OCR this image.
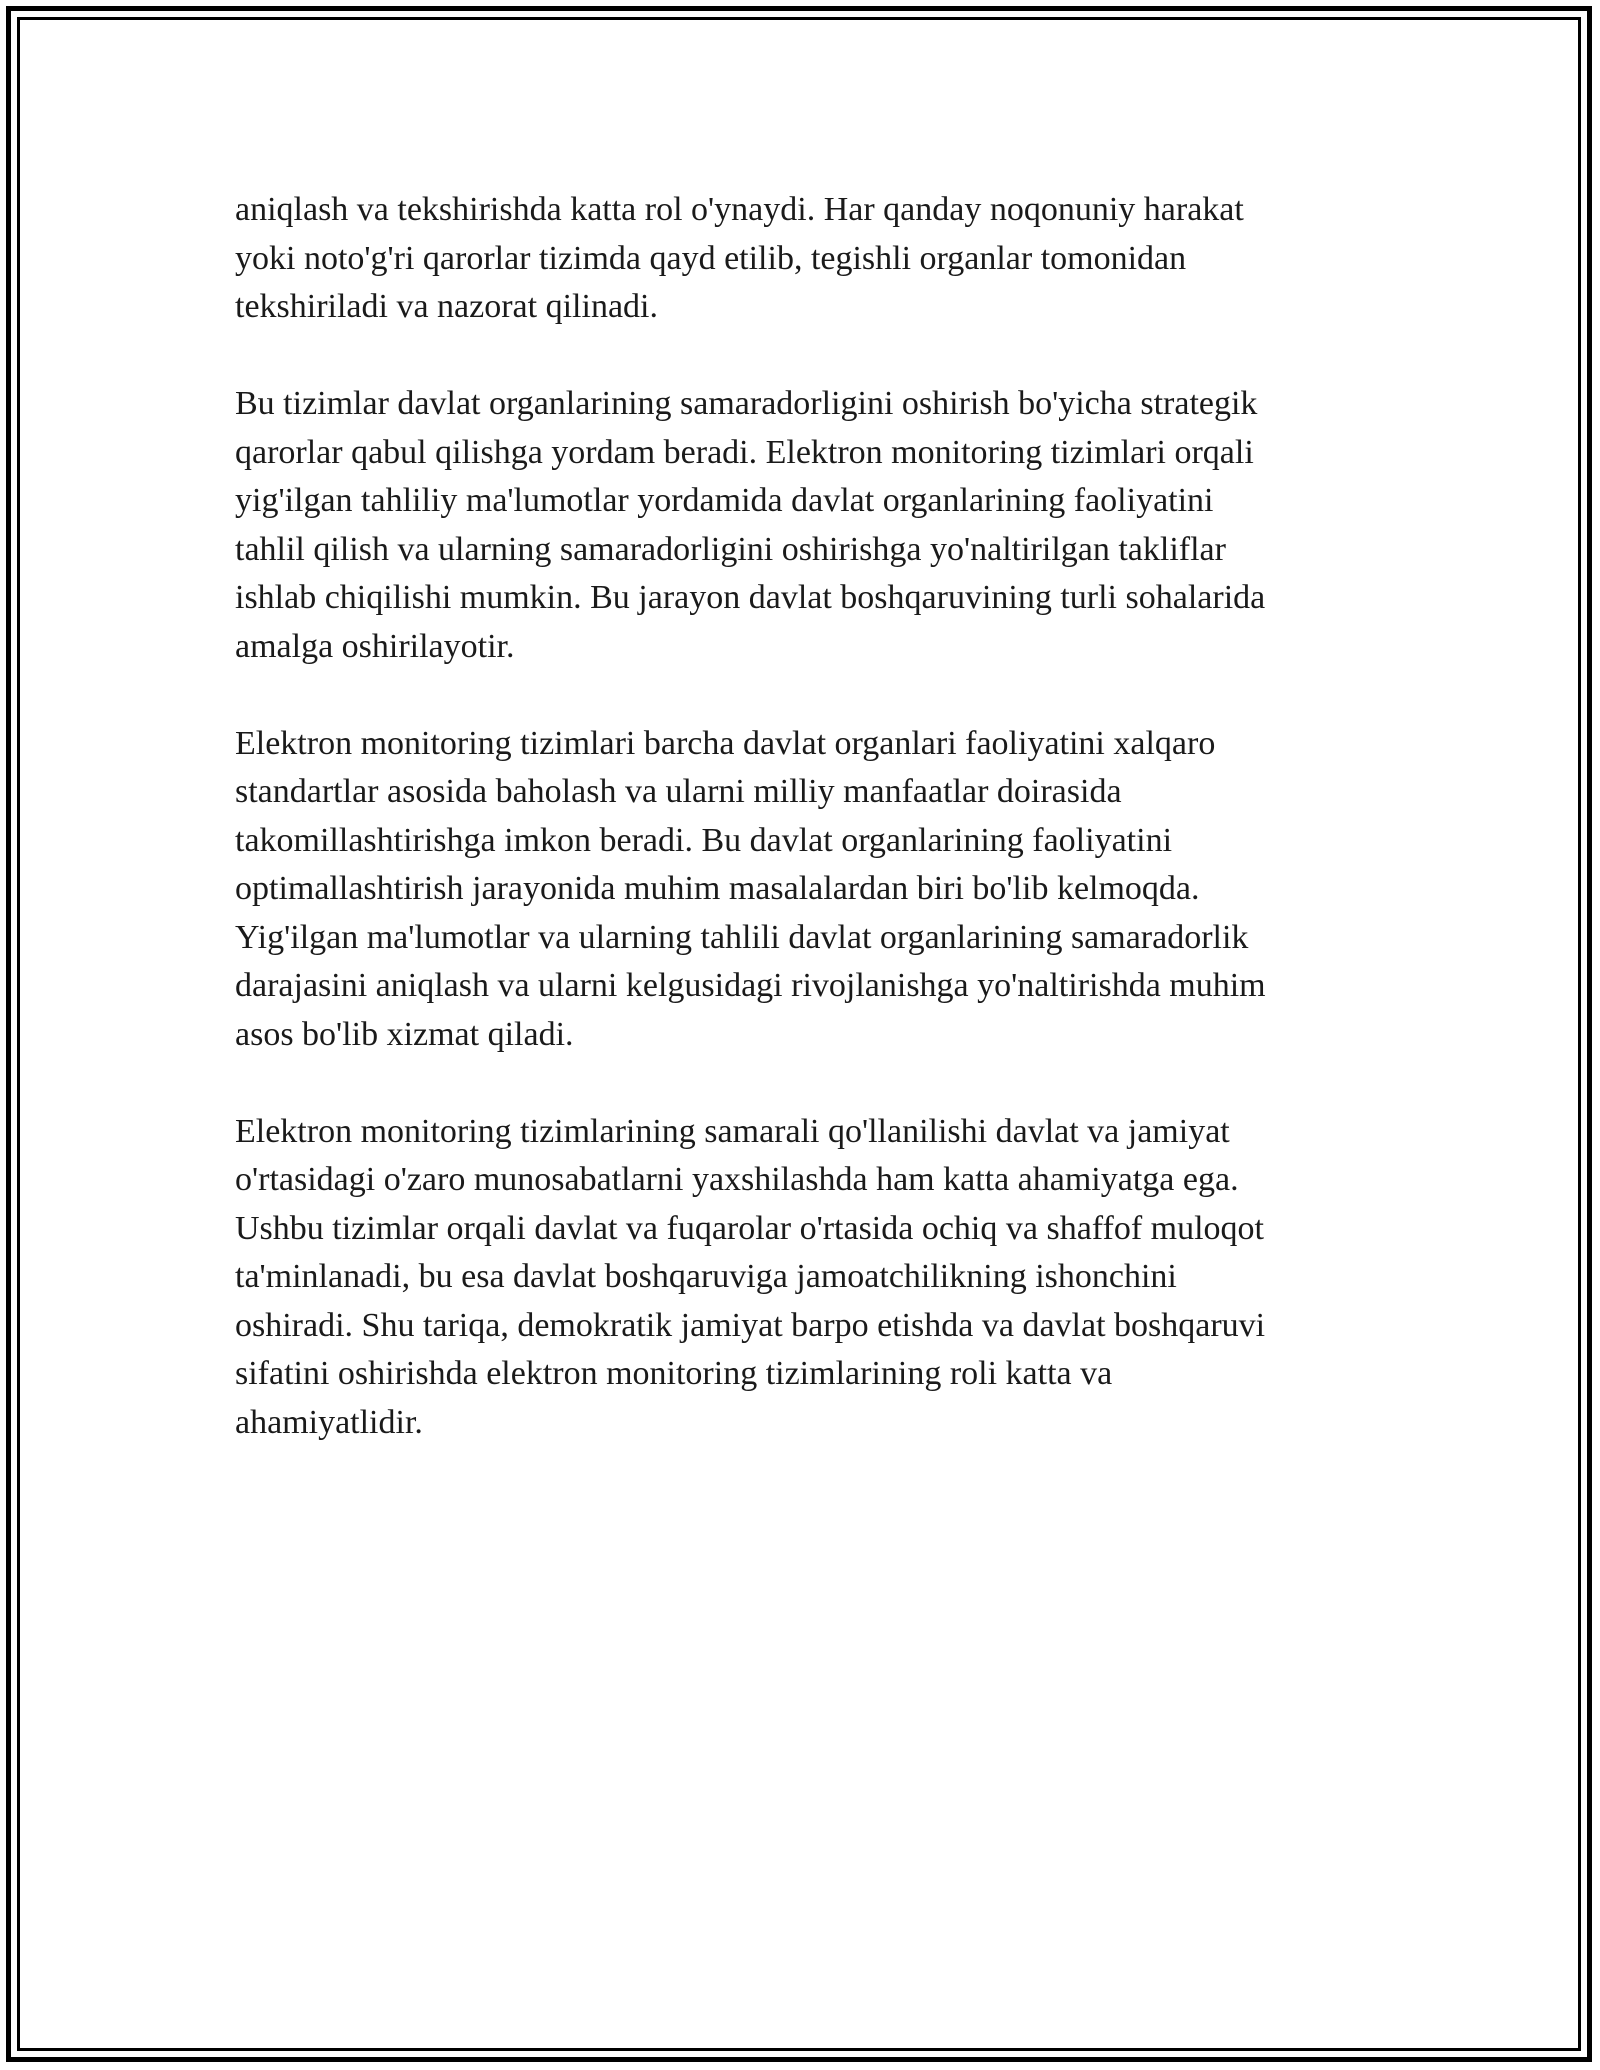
aniqlash va tekshirishda katta rol o'ynaydi. Har qanday noqonuniy harakat
yoki noto'g'ri qarorlar tizimda qayd etilib, tegishli organlar tomonidan
tekshiriladi va nazorat qilinadi.

Bu tizimlar davlat organlarining samaradorligini oshirish bo'yicha strategik
qarorlar qabul qilishga yordam beradi. Elektron monitoring tizimlari orqali
yig'ilgan tahliliy ma'lumotlar yordamida davlat organlarining faoliyatini
tahlil qilish va ularning samaradorligini oshirishga yo'naltirilgan takliflar
ishlab chiqilishi mumkin. Bu jarayon davlat boshqaruvining turli sohalarida
amalga oshirilayotir.

Elektron monitoring tizimlari barcha davlat organlari faoliyatini xalqaro
standartlar asosida baholash va ularni milliy manfaatlar doirasida
takomillashtirishga imkon beradi. Bu davlat organlarining faoliyatini
optimallashtirish jarayonida muhim masalalardan biri bo'lib kelmoqda.
Yig'ilgan ma'lumotlar va ularning tahlili davlat organlarining samaradorlik
darajasini aniqlash va ularni kelgusidagi rivojlanishga yo'naltirishda muhim
asos bo'lib xizmat qiladi.

Elektron monitoring tizimlarining samarali qo'llanilishi davlat va jamiyat
o'rtasidagi o'zaro munosabatlarni yaxshilashda ham katta ahamiyatga ega.
Ushbu tizimlar orqali davlat va fuqarolar o'rtasida ochiq va shaffof muloqot
ta'minlanadi, bu esa davlat boshqaruviga jamoatchilikning ishonchini
oshiradi. Shu tariqa, demokratik jamiyat barpo etishda va davlat boshqaruvi
sifatini oshirishda elektron monitoring tizimlarining roli katta va
ahamiyatlidir.
